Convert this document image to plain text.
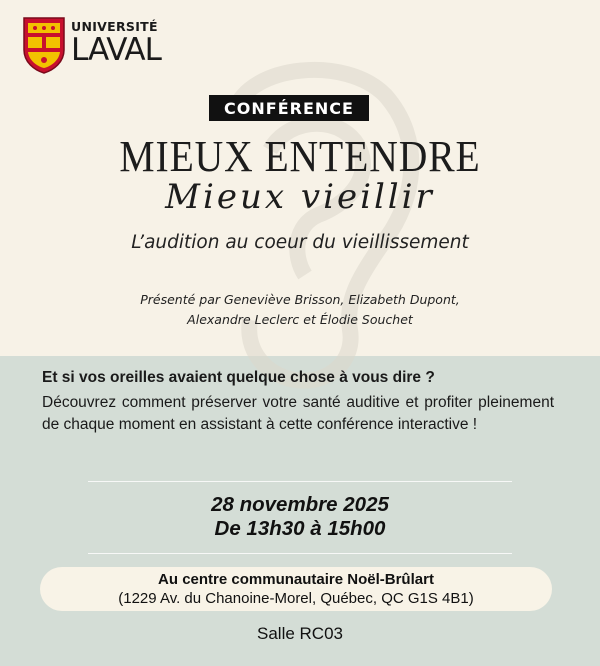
UNIVERSITÉ
LAVAL
CONFÉRENCE
MIEUX ENTENDRE
Mieux vieillir
L’audition au coeur du vieillissement
Présenté par Geneviève Brisson, Elizabeth Dupont,
Alexandre Leclerc et Élodie Souchet
Et si vos oreilles avaient quelque chose à vous dire ?
Découvrez comment préserver votre santé auditive et profiter pleinement de chaque moment en assistant à cette conférence interactive !
28 novembre 2025
De 13h30 à 15h00
Au centre communautaire Noël-Brûlart
(1229 Av. du Chanoine-Morel, Québec, QC G1S 4B1)
Salle RC03
